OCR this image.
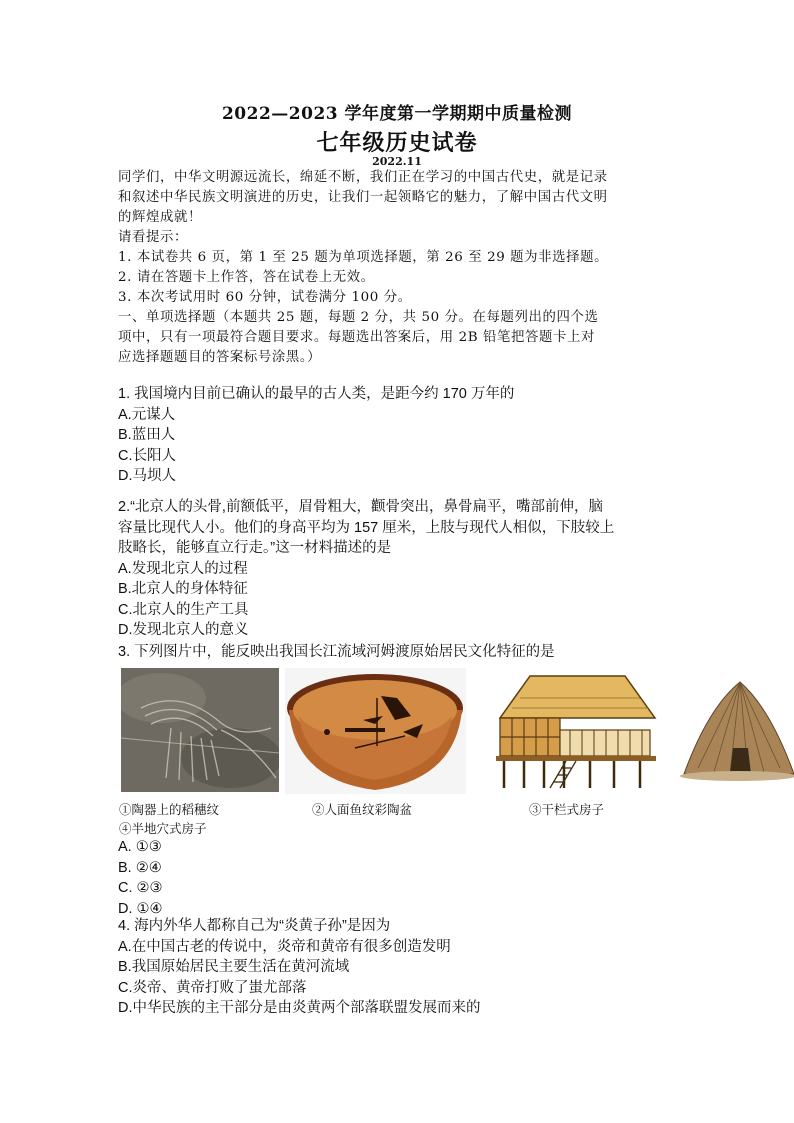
2022—2023 学年度第一学期期中质量检测
七年级历史试卷
2022.11
同学们，中华文明源远流长，绵延不断，我们正在学习的中国古代史，就是记录
和叙述中华民族文明演进的历史，让我们一起领略它的魅力，了解中国古代文明
的辉煌成就！
请看提示：
1. 本试卷共 6 页，第 1 至 25 题为单项选择题，第 26 至 29 题为非选择题。
2. 请在答题卡上作答，答在试卷上无效。
3. 本次考试用时 60 分钟，试卷满分 100 分。
一、单项选择题（本题共 25 题，每题 2 分，共 50 分。在每题列出的四个选
项中，只有一项最符合题目要求。每题选出答案后，用 2B 铅笔把答题卡上对
应选择题题目的答案标号涂黑。）
1. 我国境内目前已确认的最早的古人类，是距今约 170 万年的
A.元谋人
B.蓝田人
C.长阳人
D.马坝人
2.“北京人的头骨,前额低平，眉骨粗大，颧骨突出，鼻骨扁平，嘴部前伸，脑
容量比现代人小。他们的身高平均为 157 厘米，上肢与现代人相似，下肢较上
肢略长，能够直立行走。”这一材料描述的是
A.发现北京人的过程
B.北京人的身体特征
C.北京人的生产工具
D.发现北京人的意义
3. 下列图片中，能反映出我国长江流域河姆渡原始居民文化特征的是
①陶器上的稻穗纹	②人面鱼纹彩陶盆	③干栏式房子
④半地穴式房子
A. ①③
B. ②④
C. ②③
D. ①④
4. 海内外华人都称自己为“炎黄子孙”是因为
A.在中国古老的传说中，炎帝和黄帝有很多创造发明
B.我国原始居民主要生活在黄河流域
C.炎帝、黄帝打败了蚩尤部落
D.中华民族的主干部分是由炎黄两个部落联盟发展而来的
